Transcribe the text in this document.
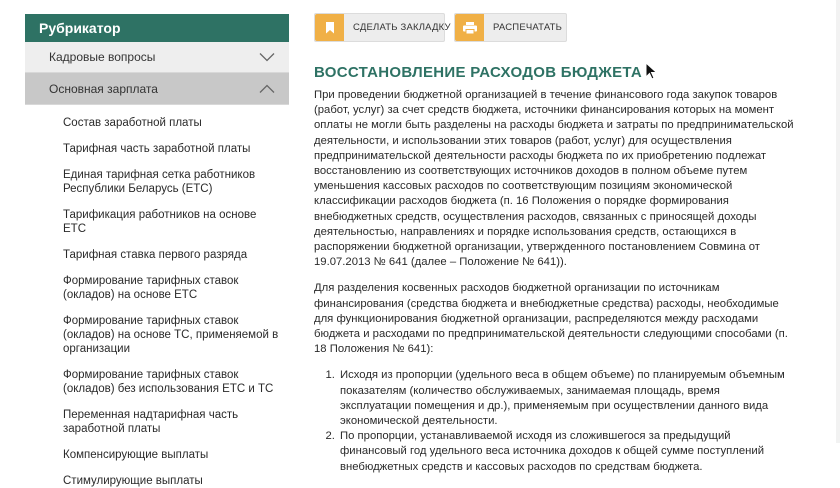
Рубрикатор
Кадровые вопросы
Основная зарплата
Состав заработной платы
Тарифная часть заработной платы
Единая тарифная сетка работников Республики Беларусь (ЕТС)
Тарификация работников на основе ЕТС
Тарифная ставка первого разряда
Формирование тарифных ставок (окладов) на основе ЕТС
Формирование тарифных ставок (окладов) на основе ТС, применяемой в организации
Формирование тарифных ставок (окладов) без использования ЕТС и ТС
Переменная надтарифная часть заработной платы
Компенсирующие выплаты
Стимулирующие выплаты
СДЕЛАТЬ ЗАКЛАДКУ	РАСПЕЧАТАТЬ
ВОССТАНОВЛЕНИЕ РАСХОДОВ БЮДЖЕТА

При проведении бюджетной организацией в течение финансового года закупок товаров (работ, услуг) за счет средств бюджета, источники финансирования которых на момент оплаты не могли быть разделены на расходы бюджета и затраты по предпринимательской деятельности, и использовании этих товаров (работ, услуг) для осуществления предпринимательской деятельности расходы бюджета по их приобретению подлежат восстановлению из соответствующих источников доходов в полном объеме путем уменьшения кассовых расходов по соответствующим позициям экономической классификации расходов бюджета (п. 16 Положения о порядке формирования внебюджетных средств, осуществления расходов, связанных с приносящей доходы деятельностью, направлениях и порядке использования средств, остающихся в распоряжении бюджетной организации, утвержденного постановлением Совмина от 19.07.2013 № 641 (далее – Положение № 641)).

Для разделения косвенных расходов бюджетной организации по источникам финансирования (средства бюджета и внебюджетные средства) расходы, необходимые для функционирования бюджетной организации, распределяются между расходами бюджета и расходами по предпринимательской деятельности следующими способами (п. 18 Положения № 641):

1. Исходя из пропорции (удельного веса в общем объеме) по планируемым объемным показателям (количество обслуживаемых, занимаемая площадь, время эксплуатации помещения и др.), применяемым при осуществлении данного вида экономической деятельности.
2. По пропорции, устанавливаемой исходя из сложившегося за предыдущий финансовый год удельного веса источника доходов к общей сумме поступлений внебюджетных средств и кассовых расходов по средствам бюджета.
